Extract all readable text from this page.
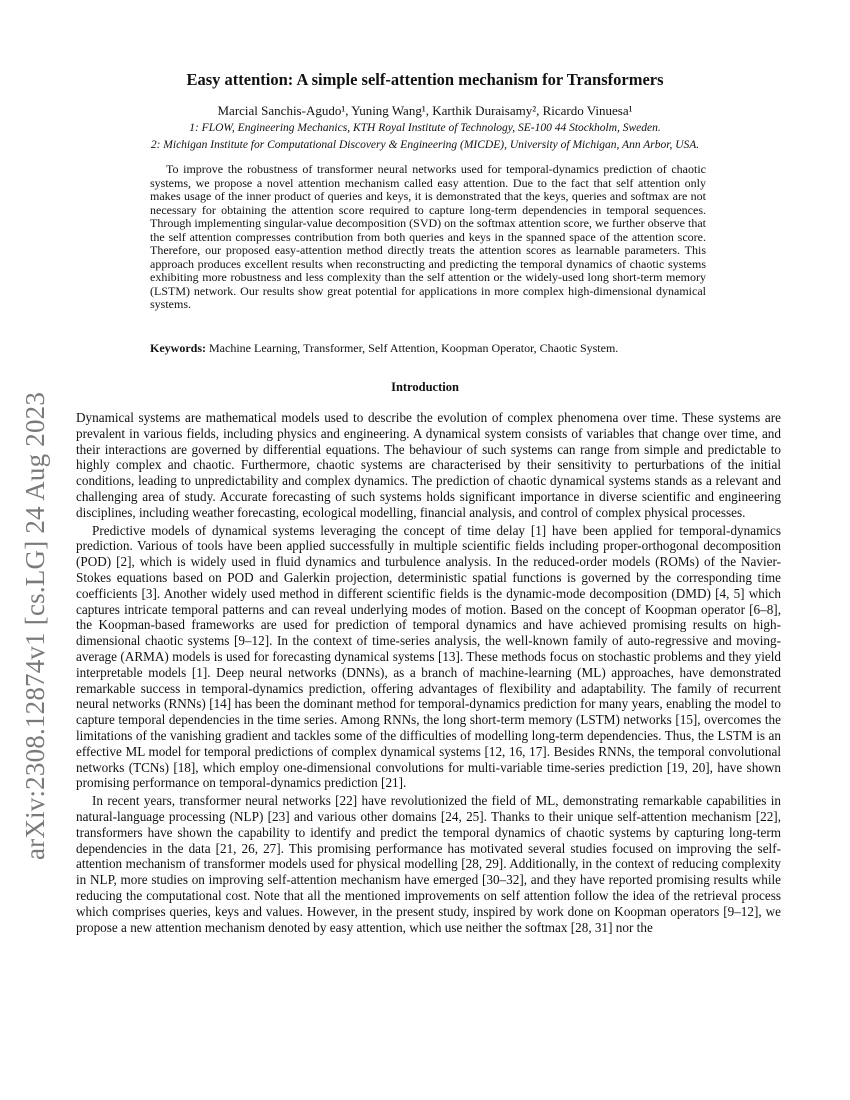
arXiv:2308.12874v1 [cs.LG] 24 Aug 2023
Easy attention: A simple self-attention mechanism for Transformers
Marcial Sanchis-Agudo¹, Yuning Wang¹, Karthik Duraisamy², Ricardo Vinuesa¹
1: FLOW, Engineering Mechanics, KTH Royal Institute of Technology, SE-100 44 Stockholm, Sweden.
2: Michigan Institute for Computational Discovery & Engineering (MICDE), University of Michigan, Ann Arbor, USA.

To improve the robustness of transformer neural networks used for temporal-dynamics prediction of chaotic systems, we propose a novel attention mechanism called easy attention. Due to the fact that self attention only makes usage of the inner product of queries and keys, it is demonstrated that the keys, queries and softmax are not necessary for obtaining the attention score required to capture long-term dependencies in temporal sequences. Through implementing singular-value decomposition (SVD) on the softmax attention score, we further observe that the self attention compresses contribution from both queries and keys in the spanned space of the attention score. Therefore, our proposed easy-attention method directly treats the attention scores as learnable parameters. This approach produces excellent results when reconstructing and predicting the temporal dynamics of chaotic systems exhibiting more robustness and less complexity than the self attention or the widely-used long short-term memory (LSTM) network. Our results show great potential for applications in more complex high-dimensional dynamical systems.

Keywords: Machine Learning, Transformer, Self Attention, Koopman Operator, Chaotic System.

Introduction

Dynamical systems are mathematical models used to describe the evolution of complex phenomena over time. These systems are prevalent in various fields, including physics and engineering. A dynamical system consists of variables that change over time, and their interactions are governed by differential equations. The behaviour of such systems can range from simple and predictable to highly complex and chaotic. Furthermore, chaotic systems are characterised by their sensitivity to perturbations of the initial conditions, leading to unpredictability and complex dynamics. The prediction of chaotic dynamical systems stands as a relevant and challenging area of study. Accurate forecasting of such systems holds significant importance in diverse scientific and engineering disciplines, including weather forecasting, ecological modelling, financial analysis, and control of complex physical processes.

Predictive models of dynamical systems leveraging the concept of time delay [1] have been applied for temporal-dynamics prediction. Various of tools have been applied successfully in multiple scientific fields including proper-orthogonal decomposition (POD) [2], which is widely used in fluid dynamics and turbulence analysis. In the reduced-order models (ROMs) of the Navier-Stokes equations based on POD and Galerkin projection, deterministic spatial functions is governed by the corresponding time coefficients [3]. Another widely used method in different scientific fields is the dynamic-mode decomposition (DMD) [4, 5] which captures intricate temporal patterns and can reveal underlying modes of motion. Based on the concept of Koopman operator [6–8], the Koopman-based frameworks are used for prediction of temporal dynamics and have achieved promising results on high-dimensional chaotic systems [9–12]. In the context of time-series analysis, the well-known family of auto-regressive and moving-average (ARMA) models is used for forecasting dynamical systems [13]. These methods focus on stochastic problems and they yield interpretable models [1]. Deep neural networks (DNNs), as a branch of machine-learning (ML) approaches, have demonstrated remarkable success in temporal-dynamics prediction, offering advantages of flexibility and adaptability. The family of recurrent neural networks (RNNs) [14] has been the dominant method for temporal-dynamics prediction for many years, enabling the model to capture temporal dependencies in the time series. Among RNNs, the long short-term memory (LSTM) networks [15], overcomes the limitations of the vanishing gradient and tackles some of the difficulties of modelling long-term dependencies. Thus, the LSTM is an effective ML model for temporal predictions of complex dynamical systems [12, 16, 17]. Besides RNNs, the temporal convolutional networks (TCNs) [18], which employ one-dimensional convolutions for multi-variable time-series prediction [19, 20], have shown promising performance on temporal-dynamics prediction [21].

In recent years, transformer neural networks [22] have revolutionized the field of ML, demonstrating remarkable capabilities in natural-language processing (NLP) [23] and various other domains [24, 25]. Thanks to their unique self-attention mechanism [22], transformers have shown the capability to identify and predict the temporal dynamics of chaotic systems by capturing long-term dependencies in the data [21, 26, 27]. This promising performance has motivated several studies focused on improving the self-attention mechanism of transformer models used for physical modelling [28, 29]. Additionally, in the context of reducing complexity in NLP, more studies on improving self-attention mechanism have emerged [30–32], and they have reported promising results while reducing the computational cost. Note that all the mentioned improvements on self attention follow the idea of the retrieval process which comprises queries, keys and values. However, in the present study, inspired by work done on Koopman operators [9–12], we propose a new attention mechanism denoted by easy attention, which use neither the softmax [28, 31] nor the
